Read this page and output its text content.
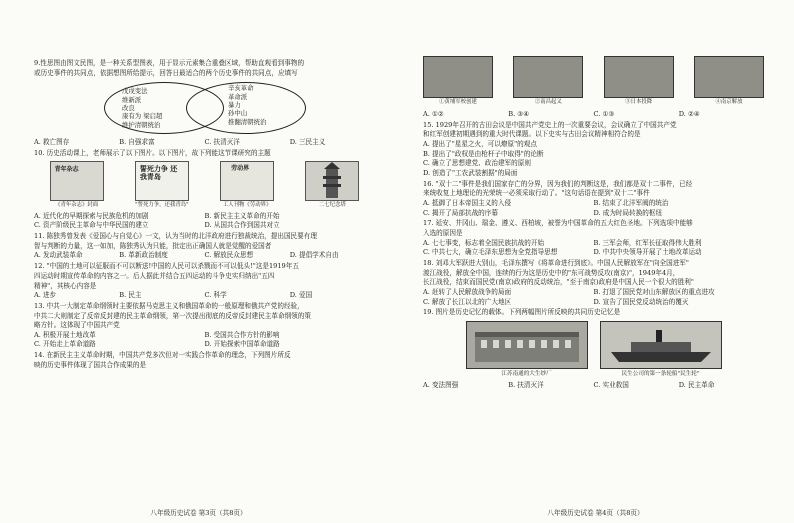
9.性思图由图文民图，是一种关系型图表，用于显示元素集合重叠区域，帮助直观看到事物的
或历史事件的共同点，依据想图所给提示，回答日最适合的两个历史事件的共同点，应填写

戊戌变法
维新派
改良
康有为 梁启超
维护清朝统治
辛亥革命
革命派
暴力
孙中山
推翻清朝统治
A. 救亡图存	B. 自强求富	C. 扶清灭洋	D. 三民主义

10. 历史活动课上，老师展示了以下图片。以下图片，故下列能这节课研究的主题

青年杂志
《青年杂志》封面
誓死力争 还我青岛
"誓死力争，还我青岛"
劳动界
工人刊物《劳动界》	二七纪念塔
A. 近代化的早期探索与民族危机的加剧	B. 新民主主义革命的开始
C. 资产阶级民主革命与中华民国的建立	D. 从国共合作到国共对立

11. 陈独秀曾发表《爱国心与自觉心》一文，认为当时的北洋政府进行独裁统治，提出国民要有理
智与判断的力量，这一如加，陈独秀认为只能，批定出正确国人就是觉醒的爱国者

A. 发动武装革命	B. 革新政治制度	C. 解放民众思想	D. 提倡学术自由

12. "中国的土地可以征服而不可以断送!中国的人民可以杀戮而不可以低头!"这是1919年五
四运动时期宣传革命的内容之一。后人据此并结合五四运动的斗争史实归纳出"五四
精神"，其核心内容是

A. 进步	B. 民主	C. 科学	D. 爱国

13. 中共一大制定革命纲领时主要依据马克思主义和俄国革命的一般原理和俄共产党的经验，
中共二大则制定了反帝反封建的民主革命纲领，第一次提出彻底的反帝反封建民主革命纲领的策
略方针。这体现了中国共产党

A. 积极开展土地改革	B. 受国共合作方针的影响
C. 开始走上革命道路	D. 开始探索中国革命道路

14. 在新民主主义革命时期，中国共产党多次但对一实践合作革命的理念，下列图片所反
映的历史事件体现了国共合作成果的是

八年级历史试卷 第3页（共8页）
①黄埔军校创建	②南昌起义	③日本投降	④南京解放
A. ①②	B. ③④	C. ①③	D. ②④

15. 1929年召开的古田会议是中国共产党史上的一次重要会议，会议确立了中国共产党
和红军创建初期遇到的重大时代课题。以下史实与古田会议精神相符合的是

A. 提出了"星星之火，可以燎原"的观点
B. 提出了"政权是由枪杆子中取得"的论断
C. 确立了思想建党、政治建军的原则
D. 创造了"工农武装割据"的局面

16. "双十二"事件是我们国家存亡的分界，因为我们的判断这是，我们都是双十二事件，已经
来统收复上地理论的光荣统一必须采取行动了。"这句话语在提到"双十二"事件

A. 抵御了日本帝国主义的入侵	B. 结束了北洋军阀的统治
C. 揭开了局部抗战的序幕	D. 成为时局转换的枢纽

17. 延安、井冈山、瑞金、遵义、西柏坡，被誉为中国革命的五大红色圣地。下列选项中能够
入选的原因是

A. 七七事变，标志着全国民族抗战的开始	B. 三军会师，红军长征取得伟大胜利
C. 中共七大，确立毛泽东思想为全党指导思想	D. 中共中央领导开展了土地改革运动

18. 刘邓大军跃进大别山，毛泽东撰写《将革命进行到底》。中国人民解放军在"向全国进军"
渡江战役，解放全中国，连续的行为这是历史中的"东可战势反攻(南京)"，1949年4月，
长江战役，结束而国民党(南京)政府的反动统治，"至于南京)政府是中国人民一个很大的胜利"

A. 赶转了人民解放战争的局面	B. 打退了国民党对山东解放区的重点进攻
C. 解放了长江以北的广大地区	D. 宣告了国民党反动统治的覆灭

19. 图片是历史记忆的载体。下列两幅图片所反映的共同历史记忆是

江苏南通的大生纱厂	民生公司的第一条轮船"民生轮"
A. 变法图强	B. 扶清灭洋	C. 实业救国	D. 民主革命
八年级历史试卷 第4页（共8页）
